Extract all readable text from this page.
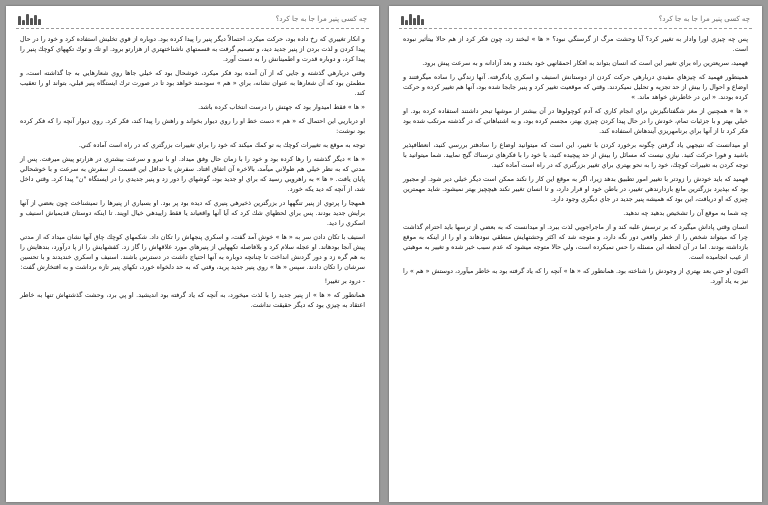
چه کسی پنیر مرا جا به جا کرد؟

و انكار تغييري كه رخ داده بود، حركت ميكرد، احتمالاً ديگر پنير را پيدا كرده بود. دوباره از قوي تخليش استفاده كرد و خود را در حال پيدا كردن و لذت بردن از پنير جديد ديد، و تصميم گرفت به قسمتهاي ناشناختهتري از هزارتو برود. او تك و توك تكههاي كوچك پنير را پيدا كرد، و دوباره قدرت و اطمينانش را به دست آورد.

وقتي دربارهي گذشته و جايي كه از آن آمده بود فكر ميكرد، خوشحال بود كه خيلي جاها روي شعارهايي به جا گذاشته است، و مطمئن بود كه آن شعارها به عنوان نشانه، براي « هم » سودمند خواهد بود تا در صورت ترك ايستگاه پنير قبلي، بتواند او را تعقيب كند.

« ها » فقط اميدوار بود كه جهتش را درست انتخاب كرده باشد.

او درباريي اين احتمال كه « هم » دست خط او را روي ديوار بخواند و راهش را پيدا كند، فكر كرد. روي ديوار آنچه را كه فكر كرده بود نوشت:

توجه به موقع به تغييرات كوچك به تو كمك ميكند كه خود را براي تغييرات بزرگتري كه در راه است آماده كني.

« ها » ديگر گذشته را رها كرده بود و خود را با زمان حال وفق ميداد. او با نيرو و سرعت بيشتري در هزارتو پيش ميرفت. پس از مدتي كه به نظر خيلي هم طولاني ميآمد، بالاخره آن اتفاق افتاد. سفرش يا حداقل اين قسمت از سفرش به سرعت و با خوشحالي پايان يافت. « ها » به راهرويي رسيد كه براي او جديد بود، گوشهاي را دور زد و پنير جديدي را در ايستگاه "ن" پيدا كرد. وقتي داخل شد، از آنچه كه ديد يكه خورد.

همهجا را پرتوي از پنير تنگهها در بزرگترين ذخيرهي پنيري كه ديده بود پر بود. او بسياري از پنيرها را نميشناخت چون بعضي از آنها برايش جديد بودند. پس براي لحظهاي شك كرد كه آيا آنها واقعياند يا فقط زاييدهي خيال اويند. تا اينكه دوستان قديمياش اسنيف و اسكري را ديد.

اسنيف با تكان دادن سر به « ها » خوش آمد گفت، و اسكري پنجهاش را تكان داد. شكمهاي كوچك چاق آنها نشان ميداد كه از مدتي پيش آنجا بودهاند. او عجله سلام كرد و بلافاصله تكههايي از پنيرهاي مورد علاقهاش را گاز زد. كفشهايش را از پا درآورد، بندهايش را به هم گره زد و دور گردنش انداخت تا چنانچه دوباره به آنها احتياج داشت در دسترس باشند. اسنيف و اسكري خنديدند و با تحسين سرشان را تكان دادند. سپس « ها » روي پنير جديد پريد، وقتي كه به حد دلخواه خورد، تكهاي پنير تازه برداشت و به افتخارش گفت:

- درود بر تغيير!

همانطور كه « ها » از پنير جديد را با لذت ميخورد، به آنچه كه ياد گرفته بود انديشيد. او پي برد، وحشت گذشتهاش تنها به خاطر اعتقاد به چيزي بود كه ديگر حقيقت نداشت.

چه کسی پنیر مرا جا به جا کرد؟

پس چه چيزي اورا وادار به تغيير كرد؟ آيا وحشت مرگ از گرسنگي نبود؟ « ها » لبخند زد، چون فكر كرد از هم حالا بيتأثير نبوده است.

فهميد، سريعترين راه براي تغيير اين است كه انسان بتواند به افكار احمقانهي خود بخندد و بعد آزادانه و به سرعت پيش برود.

همينطور فهميد كه چيزهاي مفيدي دربارهي حركت كردن از دوستانش اسنيف و اسكري يادگرفته. آنها زندگي را ساده ميگرفتند و اوضاع و احوال را بيش از حد تجزيه و تحليل نميكردند. وقتي كه موقعيت تغيير كرد و پنير جابجا شده بود، آنها هم تغيير كرده و حركت كرده بودند. « اين در خاطرش خواهد ماند. »

« ها » همچنين از مغز شگفتانگيزش براي انجام كاري كه آدم كوچولوها در آن بيشتر از موشها تبحر داشتند استفاده كرده بود. او خيلي بهتر و با جزئيات تمام، خودش را در حال پيدا كردن چيزي بهتر، مجسم كرده بود، و به اشتباهاتي كه در گذشته مرتكب شده بود فكر كرد تا از آنها براي برنامهريزي آيندهاش استفاده كند.

او ميدانست كه نتيجهي ياد گرفتن چگونه برخورد كردن با تغيير، اين است كه ميتوانيد اوضاع را سادهتر بررسي كنيد، انعطافپذير باشيد و فورا حركت كنيد. نيازي نيست كه مسائل را بيش از حد پيچيده كنيد، يا خود را با فكرهاي ترسناك گيج نماييد. شما ميتوانيد با توجه كردن به تغييرات كوچك، خود را به نحو بهتري براي تغيير بزرگتري كه در راه است آماده كنيد.

فهميد كه بايد خودش را زودتر با تغيير امور تطبيق بدهد زيرا، اگر به موقع اين كار را نكند ممكن است ديگر خيلي دير شود. او مجبور بود كه بپذيرد بزرگترين مانع بازدارندهي تغيير، در باطن خود او قرار دارد، و تا انسان تغيير نكند هيچچيز بهتر نميشود. شايد مهمترين چيزي كه او دريافت، اين بود كه هميشه پنير جديد در جاي ديگري وجود دارد.

چه شما به موقع آن را تشخيص بدهيد چه ندهيد.

انسان وقتي پاداش ميگيرد كه بر ترسش غلبه كند و از ماجراجويي لذت ببرد. او ميدانست كه به بعضي از ترسها بايد احترام گذاشت چرا كه ميتواند شخص را از خطر واقعي دور نگه دارد، و متوجه شد كه اكثر وحشتهايش منطقي نبودهاند و او را از اينكه به موقع بازداشته بودند. اما در آن لحظه اين مسئله را حس نميكرده است، ولي حالا متوجه ميشود كه عدم سبب خير شده و تغيير به موهبتي از غيب انجاميده است.

اكنون او حتي بعد بهتري از وجودش را شناخته بود. همانطور كه « ها » آنچه را كه ياد گرفته بود به خاطر ميآورد، دوستش « هم » را نيز به ياد آورد.
